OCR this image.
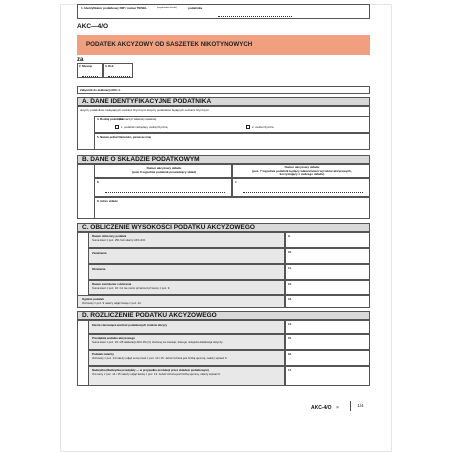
1. Identyfikator podatkowy NIP / numer PESEL	(niepotrzebne skreślić)	podatnika
AKC—4/O
PODATEK AKCYZOWY OD SASZETEK NIKOTYNOWYCH
za
2. Miesiąc	3. Rok
Załącznik do deklaracji AKC-4.
A. DANE IDENTYFIKACYJNE PODATNIKA
dotyczy podatników niebędących osobami fizycznymi dotyczy podatników będących osobami fizycznymi
4. Rodzaj podatnika
(zaznaczyć właściwy kwadrat)
1. podatnik niebędący osobą fizyczną	2. osoba fizyczna
5. Nazwa pełna / Nazwisko, pierwsze imię
B. DANE O SKŁADZIE PODATKOWYM
Numer akcyzowy składu
(pole 6 wypełnia podatnik prowadzący skład)
Numer akcyzowy składu
(poz. 7 wypełnia podatnik będący właścicielem wyrobów akcyzowych,
korzystający z cudzego składu)
6.	7.
8. Adres składu
C. OBLICZENIE WYSOKOŚCI PODATKU AKCYZOWEGO
Razem obliczony podatek
Suma kwot z poz. 251 formularzy AKC-4/O.
9.
Zwolnienia	10.
Obniżenia	11.
Razem zwolnienia i obniżenia
Suma kwot z poz. 10 i 11 nie może przekroczyć kwoty z poz. 9.
12.
Ogółem podatek
Od kwoty z poz. 9 należy odjąć kwotę z poz. 12.
13.
D. ROZLICZENIE PODATKU AKCYZOWEGO
Kwota stanowiąca wartość podatkowych znaków akcyzy	14.
Przedpłata podatku akcyzowego
Suma kwot z poz. 23 i 25 deklaracji AKC-PA (C) złożonej za miesiąc, którego niniejsza deklaracja dotyczy.
15.
Podatek należny
Od kwoty z poz. 13 należy odjąć sumę kwot z poz. 14 i 15. Jeżeli różnica jest liczbą ujemną, należy wpisać 0.
16.
Nadwyżka (Nadwyżka przedpłaty — w przypadku produkcji przez składem podatkowym)
Od sumy z poz. 14 i 15 należy odjąć kwotę z poz. 13. Jeżeli różnica jest liczbą ujemną, należy wpisać 0.
17.
AKC-4/O (1)	1/4
